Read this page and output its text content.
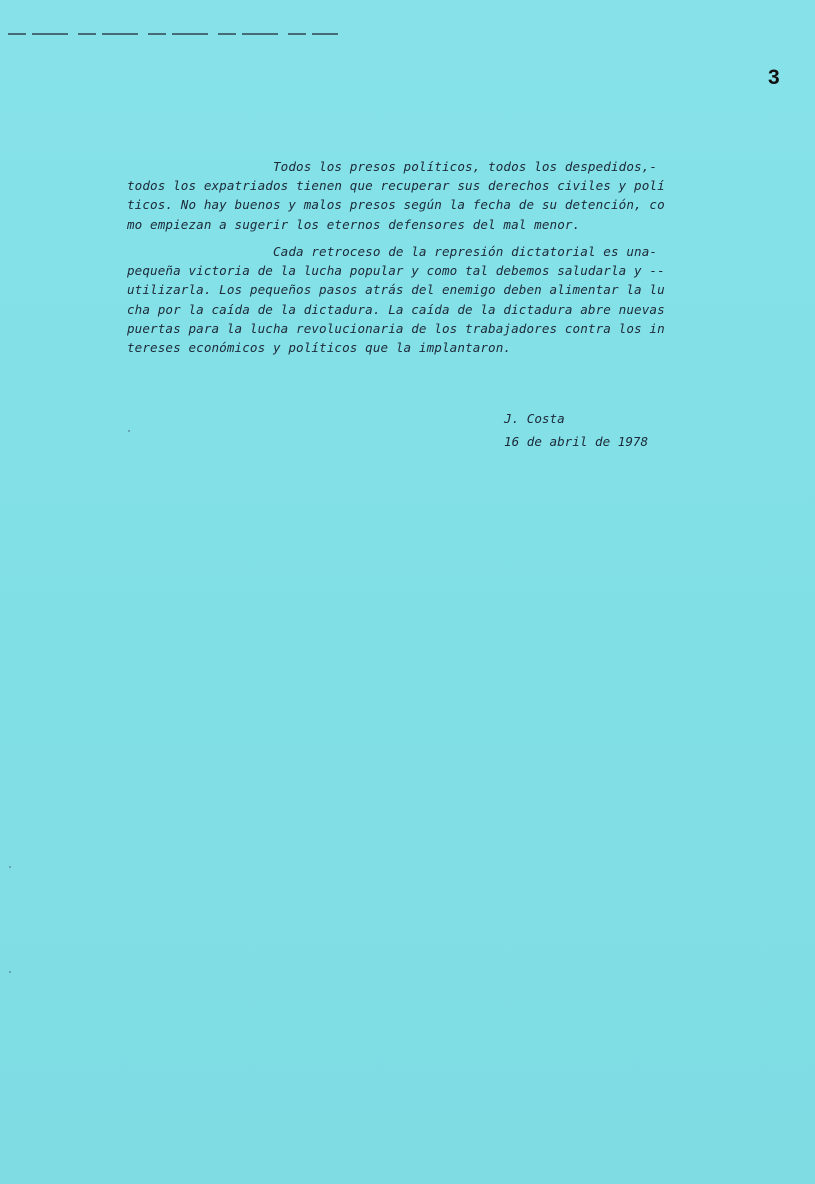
3
Todos los presos políticos, todos los despedidos,-
todos los expatriados tienen que recuperar sus derechos civiles y polí
ticos. No hay buenos y malos presos según la fecha de su detención, co
mo empiezan a sugerir los eternos defensores del mal menor.
Cada retroceso de la represión dictatorial es una-
pequeña victoria de la lucha popular y como tal debemos saludarla y --
utilizarla. Los pequeños pasos atrás del enemigo deben alimentar la lu
cha por la caída de la dictadura. La caída de la dictadura abre nuevas
puertas para la lucha revolucionaria de los trabajadores contra los in
tereses económicos y políticos que la implantaron.
J. Costa
16 de abril de 1978
